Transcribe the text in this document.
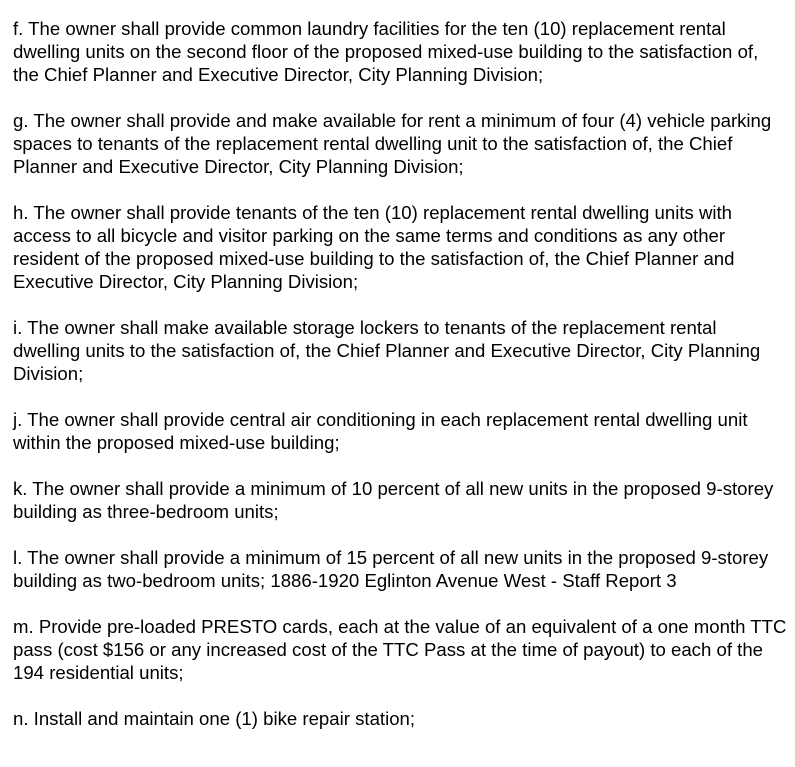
f. The owner shall provide common laundry facilities for the ten (10) replacement rental dwelling units on the second floor of the proposed mixed-use building to the satisfaction of, the Chief Planner and Executive Director, City Planning Division;

g. The owner shall provide and make available for rent a minimum of four (4) vehicle parking spaces to tenants of the replacement rental dwelling unit to the satisfaction of, the Chief Planner and Executive Director, City Planning Division;

h. The owner shall provide tenants of the ten (10) replacement rental dwelling units with access to all bicycle and visitor parking on the same terms and conditions as any other resident of the proposed mixed-use building to the satisfaction of, the Chief Planner and Executive Director, City Planning Division;

i. The owner shall make available storage lockers to tenants of the replacement rental dwelling units to the satisfaction of, the Chief Planner and Executive Director, City Planning Division;

j. The owner shall provide central air conditioning in each replacement rental dwelling unit within the proposed mixed-use building;

k. The owner shall provide a minimum of 10 percent of all new units in the proposed 9-storey building as three-bedroom units;

l. The owner shall provide a minimum of 15 percent of all new units in the proposed 9-storey building as two-bedroom units; 1886-1920 Eglinton Avenue West - Staff Report 3

m. Provide pre-loaded PRESTO cards, each at the value of an equivalent of a one month TTC pass (cost $156 or any increased cost of the TTC Pass at the time of payout) to each of the 194 residential units;

n. Install and maintain one (1) bike repair station;
